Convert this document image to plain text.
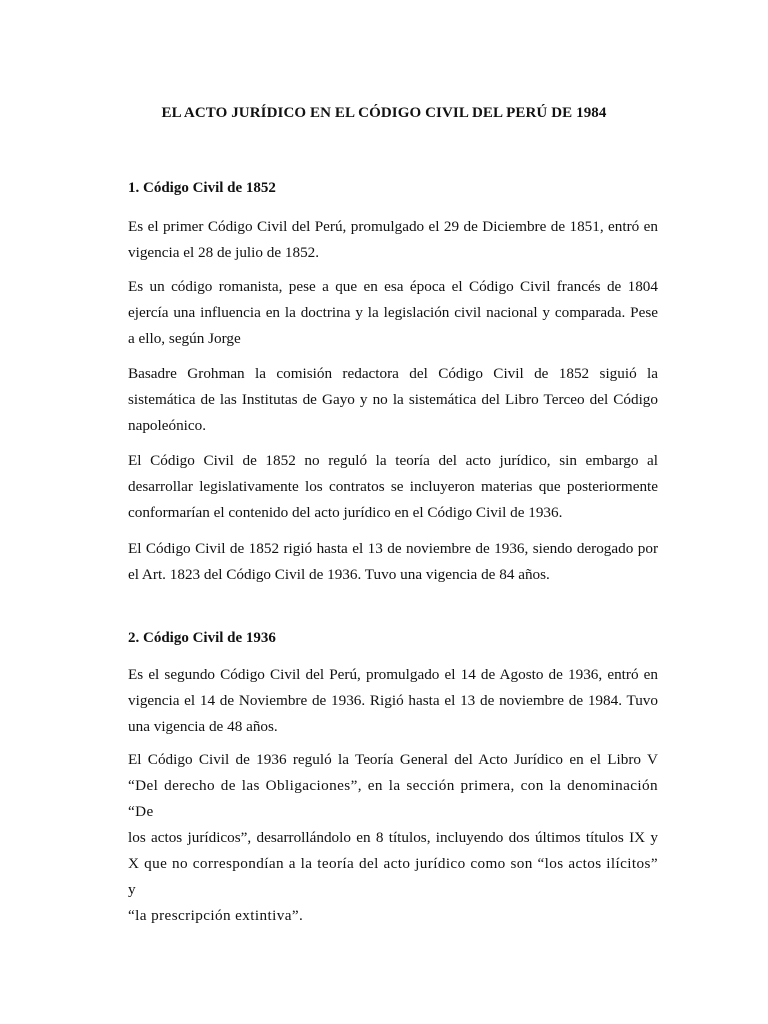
EL ACTO JURÍDICO EN EL CÓDIGO CIVIL DEL PERÚ DE 1984
1. Código Civil de 1852
Es el primer Código Civil del Perú, promulgado el 29 de Diciembre de 1851, entró en
vigencia el 28 de julio de 1852.
Es un código romanista, pese a que en esa época el Código Civil francés de 1804
ejercía una influencia en la doctrina y la legislación civil nacional y comparada. Pese
a ello, según Jorge
Basadre Grohman la comisión redactora del Código Civil de 1852 siguió la
sistemática de las Institutas de Gayo y no la sistemática del Libro Terceo del Código
napoleónico.
El Código Civil de 1852 no reguló la teoría del acto jurídico, sin embargo al
desarrollar legislativamente los contratos se incluyeron materias que posteriormente
conformarían el contenido del acto jurídico en el Código Civil de 1936.
El Código Civil de 1852 rigió hasta el 13 de noviembre de 1936, siendo derogado por
el Art. 1823 del Código Civil de 1936. Tuvo una vigencia de 84 años.
2. Código Civil de 1936
Es el segundo Código Civil del Perú, promulgado el 14 de Agosto de 1936, entró en
vigencia el 14 de Noviembre de 1936. Rigió hasta el 13 de noviembre de 1984. Tuvo
una vigencia de 48 años.
El Código Civil de 1936 reguló la Teoría General del Acto Jurídico en el Libro V
“Del derecho de las Obligaciones”, en la sección primera, con la denominación “De
los actos jurídicos”, desarrollándolo en 8 títulos, incluyendo dos últimos títulos IX y
X que no correspondían a la teoría del acto jurídico como son “los actos ilícitos” y
“la prescripción extintiva”.
